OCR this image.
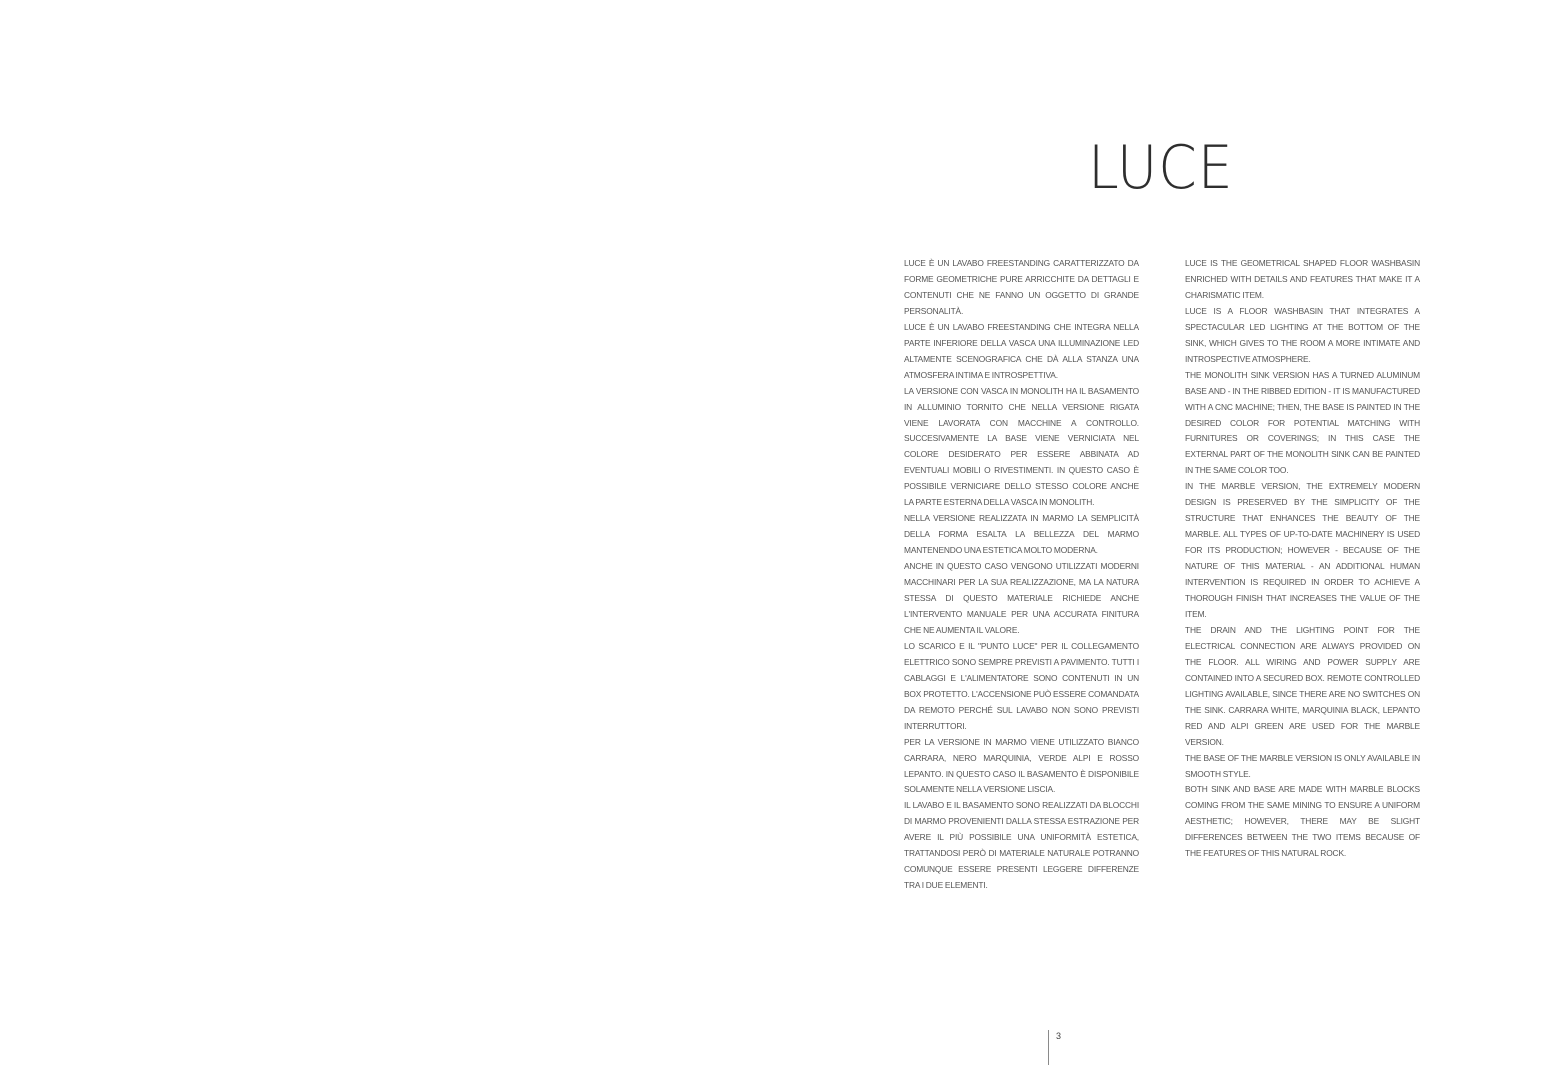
LUCE

LUCE È UN LAVABO FREESTANDING CARATTERIZZATO DA FORME GEOMETRICHE PURE ARRICCHITE DA DETTAGLI E CONTENUTI CHE NE FANNO UN OGGETTO DI GRANDE PERSONALITÀ.

LUCE È UN LAVABO FREESTANDING CHE INTEGRA NELLA PARTE INFERIORE DELLA VASCA UNA ILLUMINAZIONE LED ALTAMENTE SCENOGRAFICA CHE DÀ ALLA STANZA UNA ATMOSFERA INTIMA E INTROSPETTIVA.

LA VERSIONE CON VASCA IN MONOLITH HA IL BASAMENTO IN ALLUMINIO TORNITO CHE NELLA VERSIONE RIGATA VIENE LAVORATA CON MACCHINE A CONTROLLO. SUCCESIVAMENTE LA BASE VIENE VERNICIATA NEL COLORE DESIDERATO PER ESSERE ABBINATA AD EVENTUALI MOBILI O RIVESTIMENTI. IN QUESTO CASO È POSSIBILE VERNICIARE DELLO STESSO COLORE ANCHE LA PARTE ESTERNA DELLA VASCA IN MONOLITH.

NELLA VERSIONE REALIZZATA IN MARMO LA SEMPLICITÀ DELLA FORMA ESALTA LA BELLEZZA DEL MARMO MANTENENDO UNA ESTETICA MOLTO MODERNA.

ANCHE IN QUESTO CASO VENGONO UTILIZZATI MODERNI MACCHINARI PER LA SUA REALIZZAZIONE, MA LA NATURA STESSA DI QUESTO MATERIALE RICHIEDE ANCHE L'INTERVENTO MANUALE PER UNA ACCURATA FINITURA CHE NE AUMENTA IL VALORE.

LO SCARICO E IL "PUNTO LUCE" PER IL COLLEGAMENTO ELETTRICO SONO SEMPRE PREVISTI A PAVIMENTO. TUTTI I CABLAGGI E L'ALIMENTATORE SONO CONTENUTI IN UN BOX PROTETTO. L'ACCENSIONE PUÒ ESSERE COMANDATA DA REMOTO PERCHÉ SUL LAVABO NON SONO PREVISTI INTERRUTTORI.

PER LA VERSIONE IN MARMO VIENE UTILIZZATO BIANCO CARRARA, NERO MARQUINIA, VERDE ALPI E ROSSO LEPANTO. IN QUESTO CASO IL BASAMENTO È DISPONIBILE SOLAMENTE NELLA VERSIONE LISCIA.

IL LAVABO E IL BASAMENTO SONO REALIZZATI DA BLOCCHI DI MARMO PROVENIENTI DALLA STESSA ESTRAZIONE PER AVERE IL PIÙ POSSIBILE UNA UNIFORMITÀ ESTETICA, TRATTANDOSI PERÒ DI MATERIALE NATURALE POTRANNO COMUNQUE ESSERE PRESENTI LEGGERE DIFFERENZE TRA I DUE ELEMENTI.

LUCE IS THE GEOMETRICAL SHAPED FLOOR WASHBASIN ENRICHED WITH DETAILS AND FEATURES THAT MAKE IT A CHARISMATIC ITEM.

LUCE IS A FLOOR WASHBASIN THAT INTEGRATES A SPECTACULAR LED LIGHTING AT THE BOTTOM OF THE SINK, WHICH GIVES TO THE ROOM A MORE INTIMATE AND INTROSPECTIVE ATMOSPHERE.

THE MONOLITH SINK VERSION HAS A TURNED ALUMINUM BASE AND - IN THE RIBBED EDITION - IT IS MANUFACTURED WITH A CNC MACHINE; THEN, THE BASE IS PAINTED IN THE DESIRED COLOR FOR POTENTIAL MATCHING WITH FURNITURES OR COVERINGS; IN THIS CASE THE EXTERNAL PART OF THE MONOLITH SINK CAN BE PAINTED IN THE SAME COLOR TOO.

IN THE MARBLE VERSION, THE EXTREMELY MODERN DESIGN IS PRESERVED BY THE SIMPLICITY OF THE STRUCTURE THAT ENHANCES THE BEAUTY OF THE MARBLE. ALL TYPES OF UP-TO-DATE MACHINERY IS USED FOR ITS PRODUCTION; HOWEVER - BECAUSE OF THE NATURE OF THIS MATERIAL - AN ADDITIONAL HUMAN INTERVENTION IS REQUIRED IN ORDER TO ACHIEVE A THOROUGH FINISH THAT INCREASES THE VALUE OF THE ITEM.

THE DRAIN AND THE LIGHTING POINT FOR THE ELECTRICAL CONNECTION ARE ALWAYS PROVIDED ON THE FLOOR. ALL WIRING AND POWER SUPPLY ARE CONTAINED INTO A SECURED BOX. REMOTE CONTROLLED LIGHTING AVAILABLE, SINCE THERE ARE NO SWITCHES ON THE SINK. CARRARA WHITE, MARQUINIA BLACK, LEPANTO RED AND ALPI GREEN ARE USED FOR THE MARBLE VERSION.

THE BASE OF THE MARBLE VERSION IS ONLY AVAILABLE IN SMOOTH STYLE.

BOTH SINK AND BASE ARE MADE WITH MARBLE BLOCKS COMING FROM THE SAME MINING TO ENSURE A UNIFORM AESTHETIC; HOWEVER, THERE MAY BE SLIGHT DIFFERENCES BETWEEN THE TWO ITEMS BECAUSE OF THE FEATURES OF THIS NATURAL ROCK.

3
